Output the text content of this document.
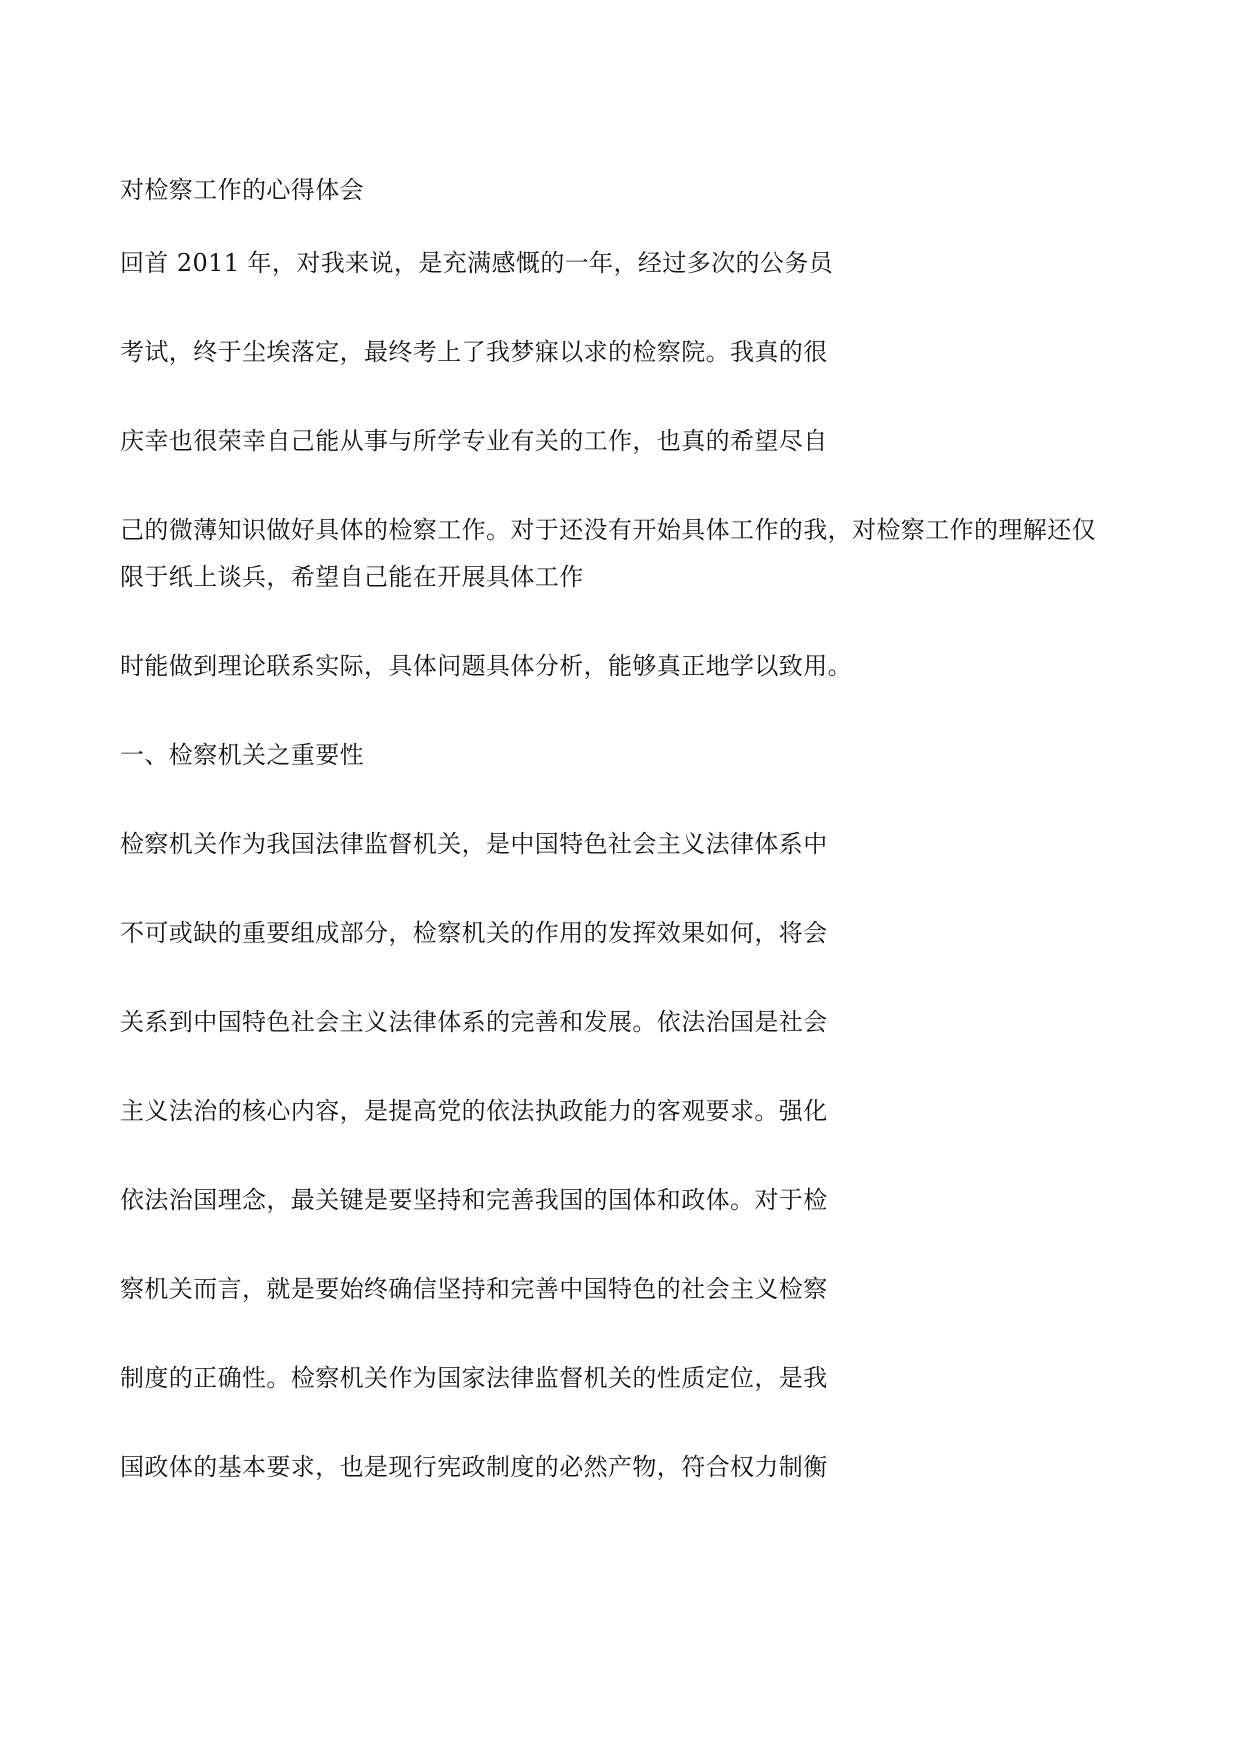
对检察工作的心得体会

回首 2011 年，对我来说，是充满感慨的一年，经过多次的公务员

考试，终于尘埃落定，最终考上了我梦寐以求的检察院。我真的很

庆幸也很荣幸自己能从事与所学专业有关的工作，也真的希望尽自

己的微薄知识做好具体的检察工作。对于还没有开始具体工作的我，对检察工作的理解还仅

限于纸上谈兵，希望自己能在开展具体工作

时能做到理论联系实际，具体问题具体分析，能够真正地学以致用。

一、检察机关之重要性

检察机关作为我国法律监督机关，是中国特色社会主义法律体系中

不可或缺的重要组成部分，检察机关的作用的发挥效果如何，将会

关系到中国特色社会主义法律体系的完善和发展。依法治国是社会

主义法治的核心内容，是提高党的依法执政能力的客观要求。强化

依法治国理念，最关键是要坚持和完善我国的国体和政体。对于检

察机关而言，就是要始终确信坚持和完善中国特色的社会主义检察

制度的正确性。检察机关作为国家法律监督机关的性质定位，是我

国政体的基本要求，也是现行宪政制度的必然产物，符合权力制衡
